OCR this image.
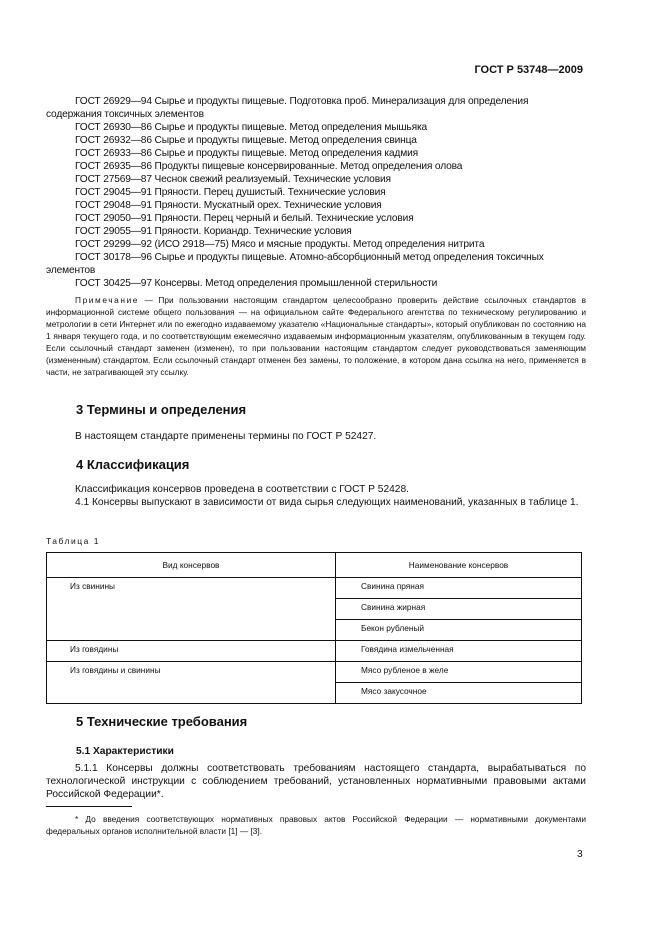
ГОСТ Р 53748—2009
ГОСТ 26929—94 Сырье и продукты пищевые. Подготовка проб. Минерализация для определения содержания токсичных элементов
ГОСТ 26930—86 Сырье и продукты пищевые. Метод определения мышьяка
ГОСТ 26932—86 Сырье и продукты пищевые. Метод определения свинца
ГОСТ 26933—86 Сырье и продукты пищевые. Метод определения кадмия
ГОСТ 26935—86 Продукты пищевые консервированные. Метод определения олова
ГОСТ 27569—87 Чеснок свежий реализуемый. Технические условия
ГОСТ 29045—91 Пряности. Перец душистый. Технические условия
ГОСТ 29048—91 Пряности. Мускатный орех. Технические условия
ГОСТ 29050—91 Пряности. Перец черный и белый. Технические условия
ГОСТ 29055—91 Пряности. Кориандр. Технические условия
ГОСТ 29299—92 (ИСО 2918—75) Мясо и мясные продукты. Метод определения нитрита
ГОСТ 30178—96 Сырье и продукты пищевые. Атомно-абсорбционный метод определения токсичных элементов
ГОСТ 30425—97 Консервы. Метод определения промышленной стерильности
Примечание — При пользовании настоящим стандартом целесообразно проверить действие ссылочных стандартов в информационной системе общего пользования — на официальном сайте Федерального агентства по техническому регулированию и метрологии в сети Интернет или по ежегодно издаваемому указателю «Национальные стандарты», который опубликован по состоянию на 1 января текущего года, и по соответствующим ежемесячно издаваемым информационным указателям, опубликованным в текущем году. Если ссылочный стандарт заменен (изменен), то при пользовании настоящим стандартом следует руководствоваться заменяющим (измененным) стандартом. Если ссылочный стандарт отменен без замены, то положение, в котором дана ссылка на него, применяется в части, не затрагивающей эту ссылку.
3 Термины и определения
В настоящем стандарте применены термины по ГОСТ Р 52427.
4 Классификация
Классификация консервов проведена в соответствии с ГОСТ Р 52428.
4.1 Консервы выпускают в зависимости от вида сырья следующих наименований, указанных в таблице 1.
Таблица 1
Вид консервов	Наименование консервов
Из свинины	Свинина пряная
	Свинина жирная
	Бекон рубленый
Из говядины	Говядина измельченная
Из говядины и свинины	Мясо рубленое в желе
	Мясо закусочное
5 Технические требования
5.1 Характеристики
5.1.1 Консервы должны соответствовать требованиям настоящего стандарта, вырабатываться по технологической инструкции с соблюдением требований, установленных нормативными правовыми актами Российской Федерации*.
* До введения соответствующих нормативных правовых актов Российской Федерации — нормативными документами федеральных органов исполнительной власти [1] — [3].
3
